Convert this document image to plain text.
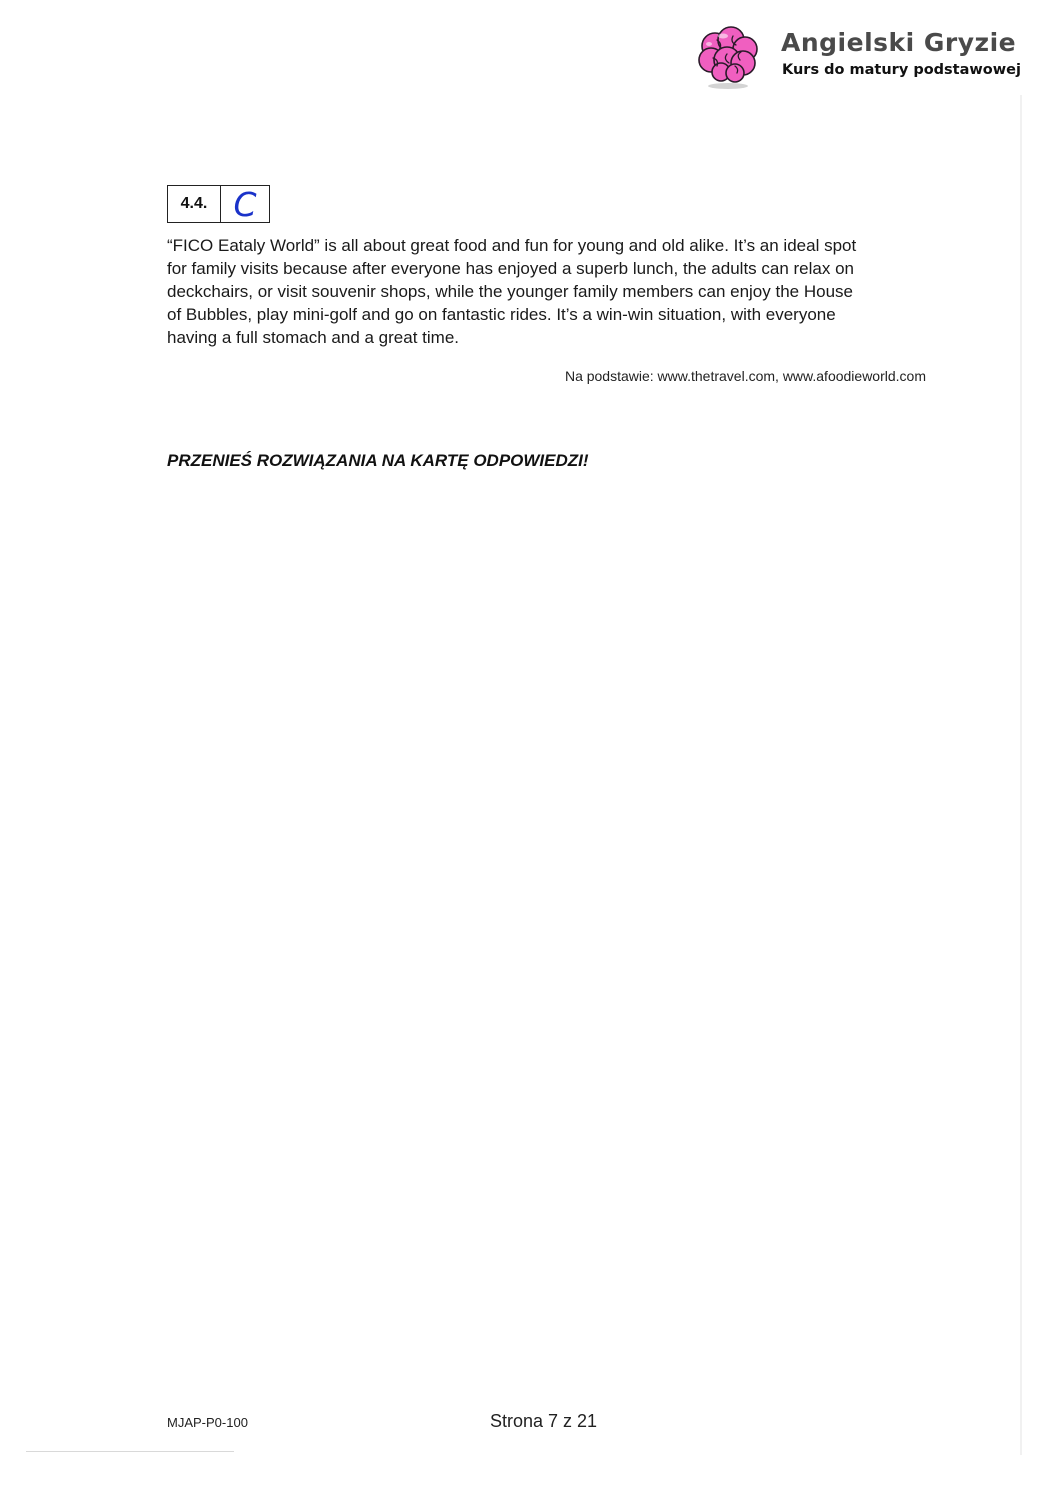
Angielski Gryzie
Kurs do matury podstawowej
4.4. C

“FICO Eataly World” is all about great food and fun for young and old alike. It’s an ideal spot
for family visits because after everyone has enjoyed a superb lunch, the adults can relax on
deckchairs, or visit souvenir shops, while the younger family members can enjoy the House
of Bubbles, play mini-golf and go on fantastic rides. It’s a win-win situation, with everyone
having a full stomach and a great time.

Na podstawie: www.thetravel.com, www.afoodieworld.com
PRZENIEŚ ROZWIĄZANIA NA KARTĘ ODPOWIEDZI!
MJAP-P0-100	Strona 7 z 21
